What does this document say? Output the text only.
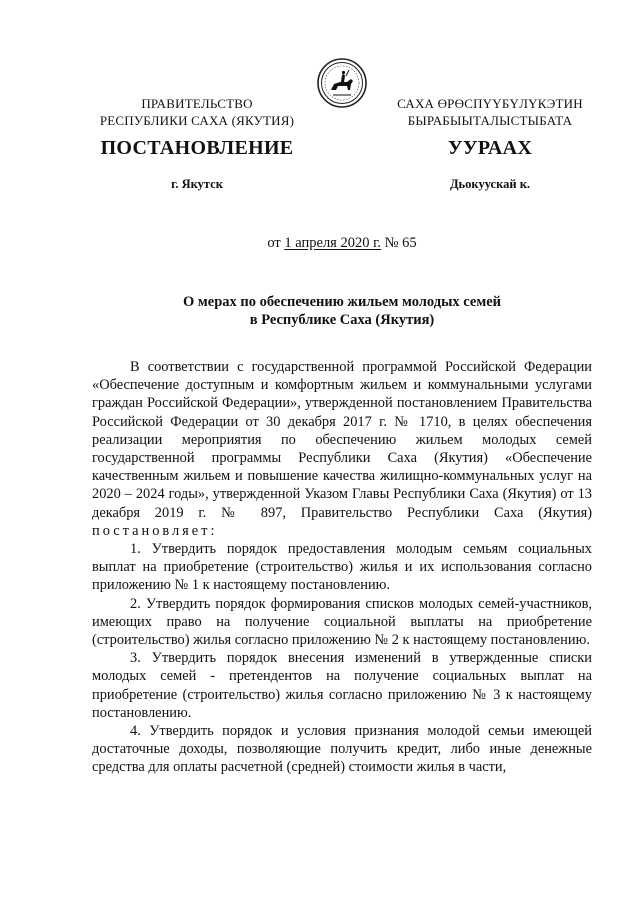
ПРАВИТЕЛЬСТВО
РЕСПУБЛИКИ САХА (ЯКУТИЯ)
САХА ӨРӨСПҮҮБҮЛҮКЭТИН
БЫРАБЫЫТАЛЫСТЫБАТА
ПОСТАНОВЛЕНИЕ	УУРААХ
г. Якутск	Дьокуускай к.
от 1 апреля 2020 г. № 65
О мерах по обеспечению жильем молодых семей
в Республике Саха (Якутия)

В соответствии с государственной программой Российской Федерации «Обеспечение доступным и комфортным жильем и коммунальными услугами граждан Российской Федерации», утвержденной постановлением Правительства Российской Федерации от 30 декабря 2017 г. № 1710, в целях обеспечения реализации мероприятия по обеспечению жильем молодых семей государственной программы Республики Саха (Якутия) «Обеспечение качественным жильем и повышение качества жилищно-коммунальных услуг на 2020 – 2024 годы», утвержденной Указом Главы Республики Саха (Якутия) от 13 декабря 2019 г. № 897, Правительство Республики Саха (Якутия) постановляет:

1. Утвердить порядок предоставления молодым семьям социальных выплат на приобретение (строительство) жилья и их использования согласно приложению № 1 к настоящему постановлению.

2. Утвердить порядок формирования списков молодых семей-участников, имеющих право на получение социальной выплаты на приобретение (строительство) жилья согласно приложению № 2 к настоящему постановлению.

3. Утвердить порядок внесения изменений в утвержденные списки молодых семей - претендентов на получение социальных выплат на приобретение (строительство) жилья согласно приложению № 3 к настоящему постановлению.

4. Утвердить порядок и условия признания молодой семьи имеющей достаточные доходы, позволяющие получить кредит, либо иные денежные средства для оплаты расчетной (средней) стоимости жилья в части,
